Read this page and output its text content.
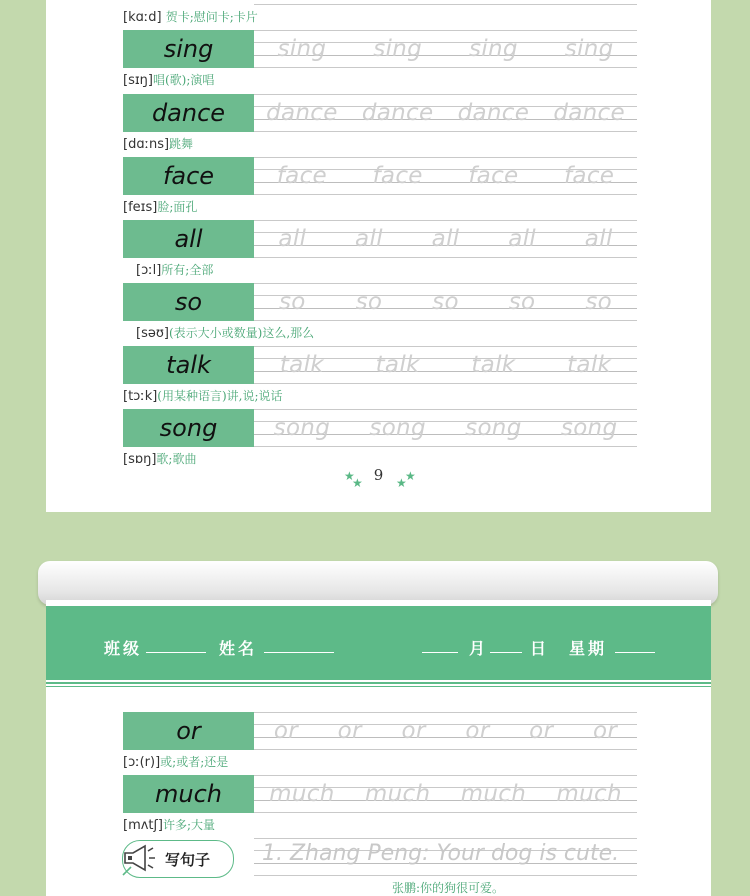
[kɑːd] 贺卡;慰问卡;卡片
sing	sing sing sing sing
[sɪŋ]唱(歌);演唱
dance	dance dance dance dance
[dɑːns]跳舞
face	face face face face
[feɪs]脸;面孔
all	all all all all all
[ɔːl]所有;全部
so	so so so so so
[səʊ](表示大小或数量)这么,那么
talk	talk talk talk talk
[tɔːk](用某种语言)讲,说;说话
song	song song song song
[sɒŋ]歌;歌曲
★
★ 9 ★
★
or	or or or or or or
[ɔː(r)]或;或者;还是
much	much much much much
[mʌtʃ]许多;大量
班级	姓名	月	日 星期
写句子 1. Zhang Peng: Your dog is cute.
张鹏:你的狗很可爱。
